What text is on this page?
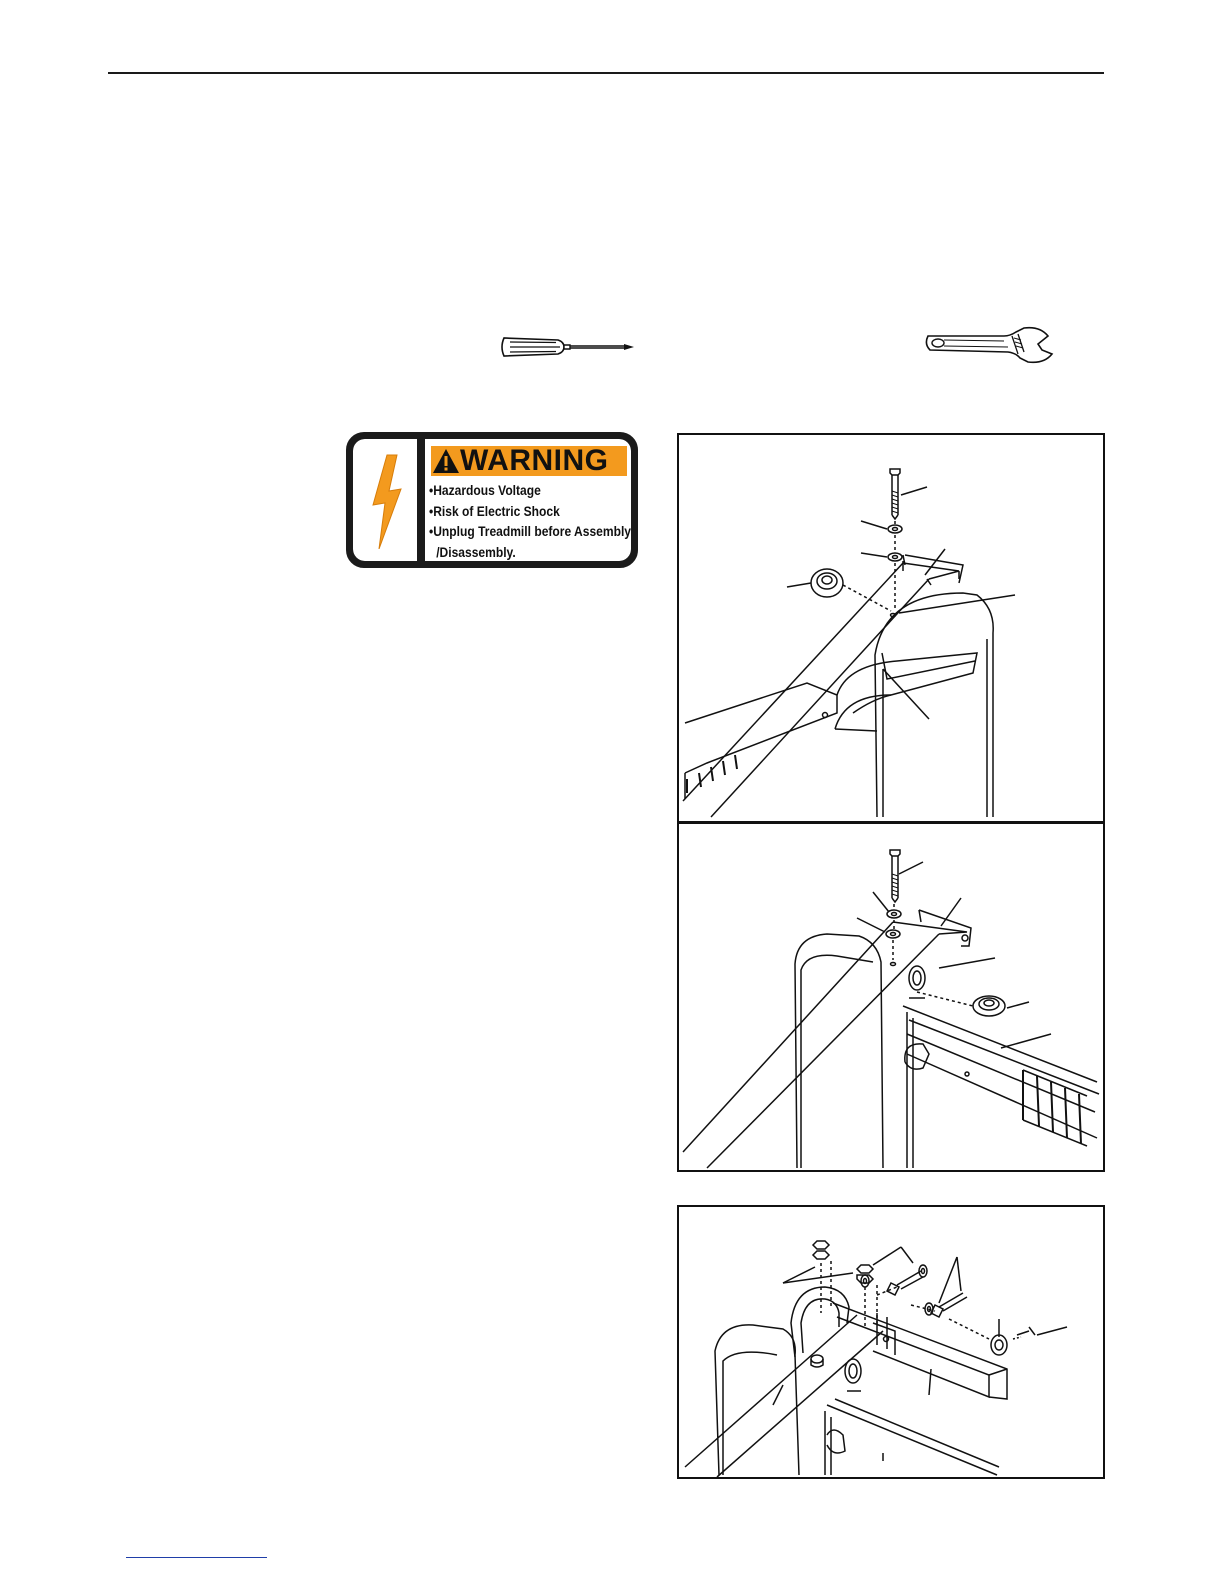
WARNING
•Hazardous Voltage
•Risk of Electric Shock
•Unplug Treadmill before Assembly
/Disassembly.
